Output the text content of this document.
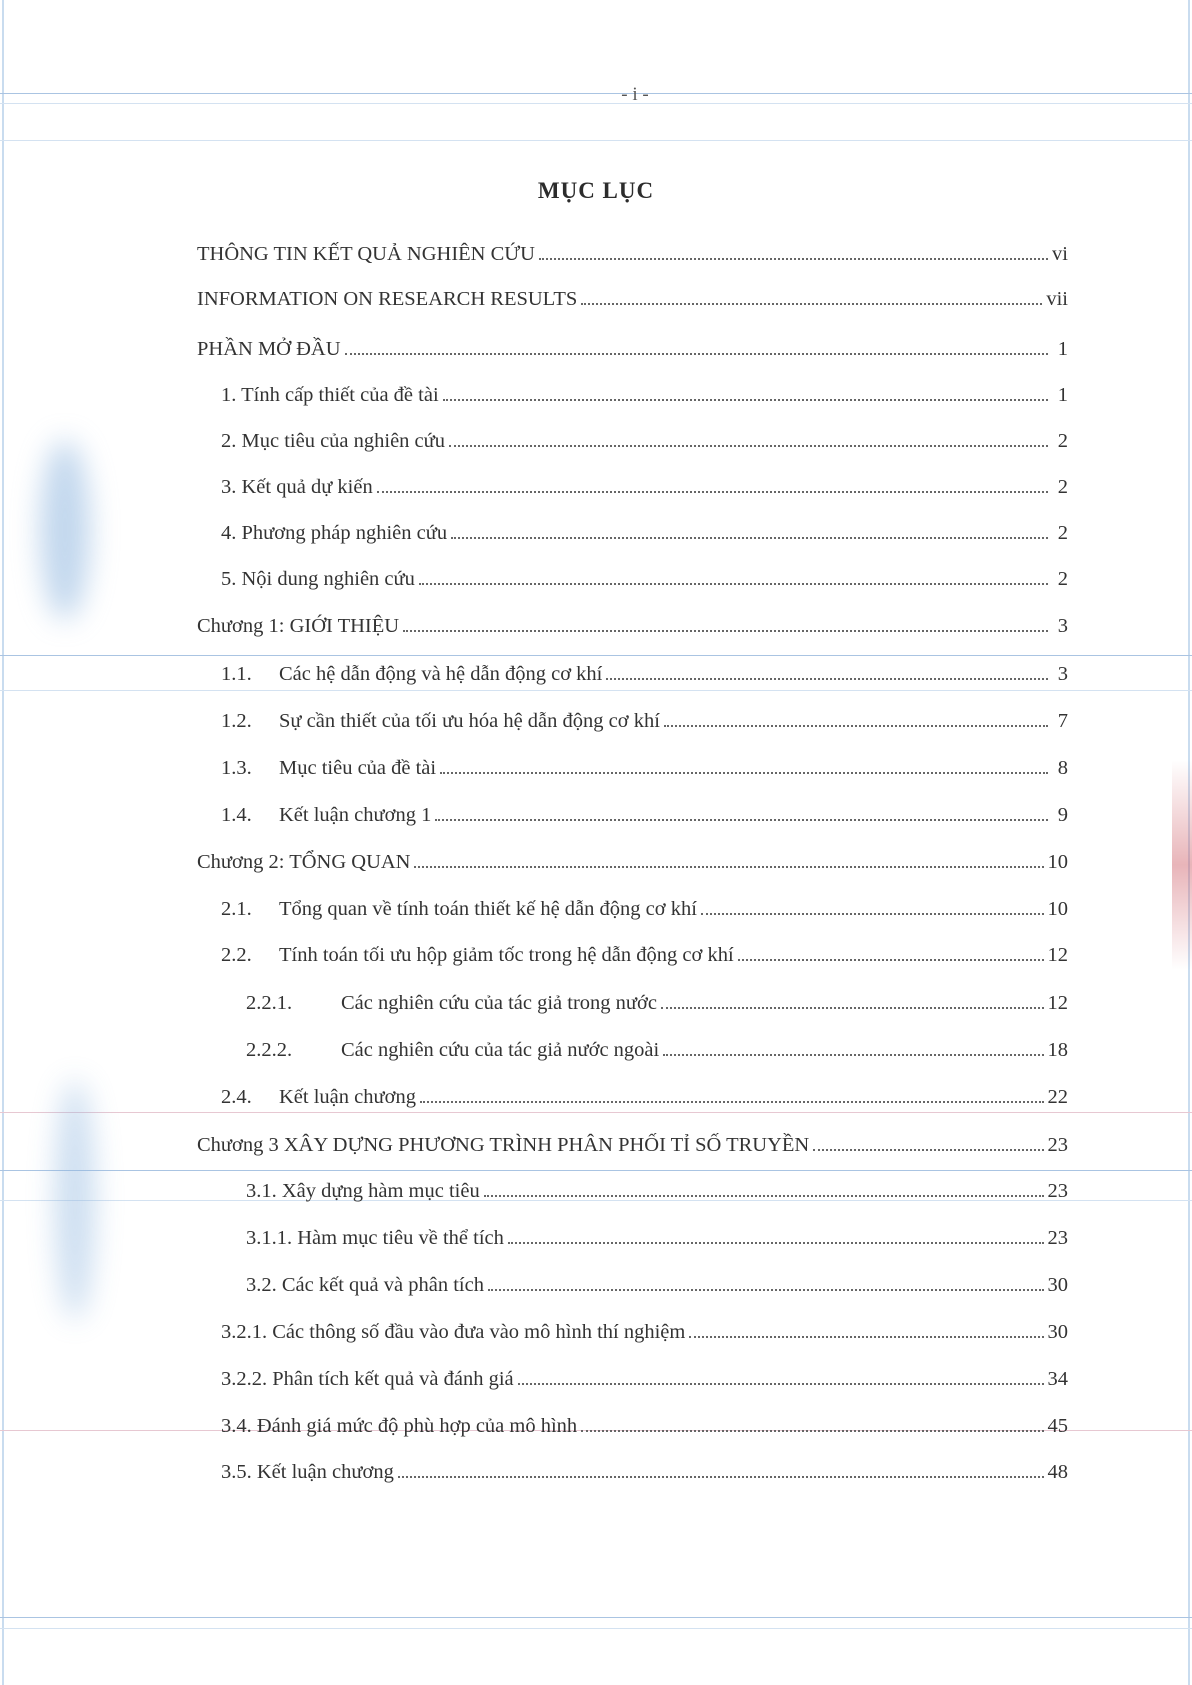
- i -
MỤC LỤC
THÔNG TIN KẾT QUẢ NGHIÊN CỨU	vi
INFORMATION ON RESEARCH RESULTS	vii
PHẦN MỞ ĐẦU	1
1. Tính cấp thiết của đề tài	1
2. Mục tiêu của nghiên cứu	2
3. Kết quả dự kiến	2
4. Phương pháp nghiên cứu	2
5. Nội dung nghiên cứu	2
Chương 1: GIỚI THIỆU	3
1.1.	Các hệ dẫn động và hệ dẫn động cơ khí	3
1.2.	Sự cần thiết của tối ưu hóa hệ dẫn động cơ khí	7
1.3.	Mục tiêu của đề tài	8
1.4.	Kết luận chương 1	9
Chương 2: TỔNG QUAN	10
2.1.	Tổng quan về tính toán thiết kế hệ dẫn động cơ khí	10
2.2.	Tính toán tối ưu hộp giảm tốc trong hệ dẫn động cơ khí	12
2.2.1.	Các nghiên cứu của tác giả trong nước	12
2.2.2.	Các nghiên cứu của tác giả nước ngoài	18
2.4.	Kết luận chương	22
Chương 3 XÂY DỰNG PHƯƠNG TRÌNH PHÂN PHỐI TỈ SỐ TRUYỀN	23
3.1. Xây dựng hàm mục tiêu	23
3.1.1. Hàm mục tiêu về thể tích	23
3.2. Các kết quả và phân tích	30
3.2.1. Các thông số đầu vào đưa vào mô hình thí nghiệm	30
3.2.2. Phân tích kết quả và đánh giá	34
3.4. Đánh giá mức độ phù hợp của mô hình	45
3.5. Kết luận chương	48
